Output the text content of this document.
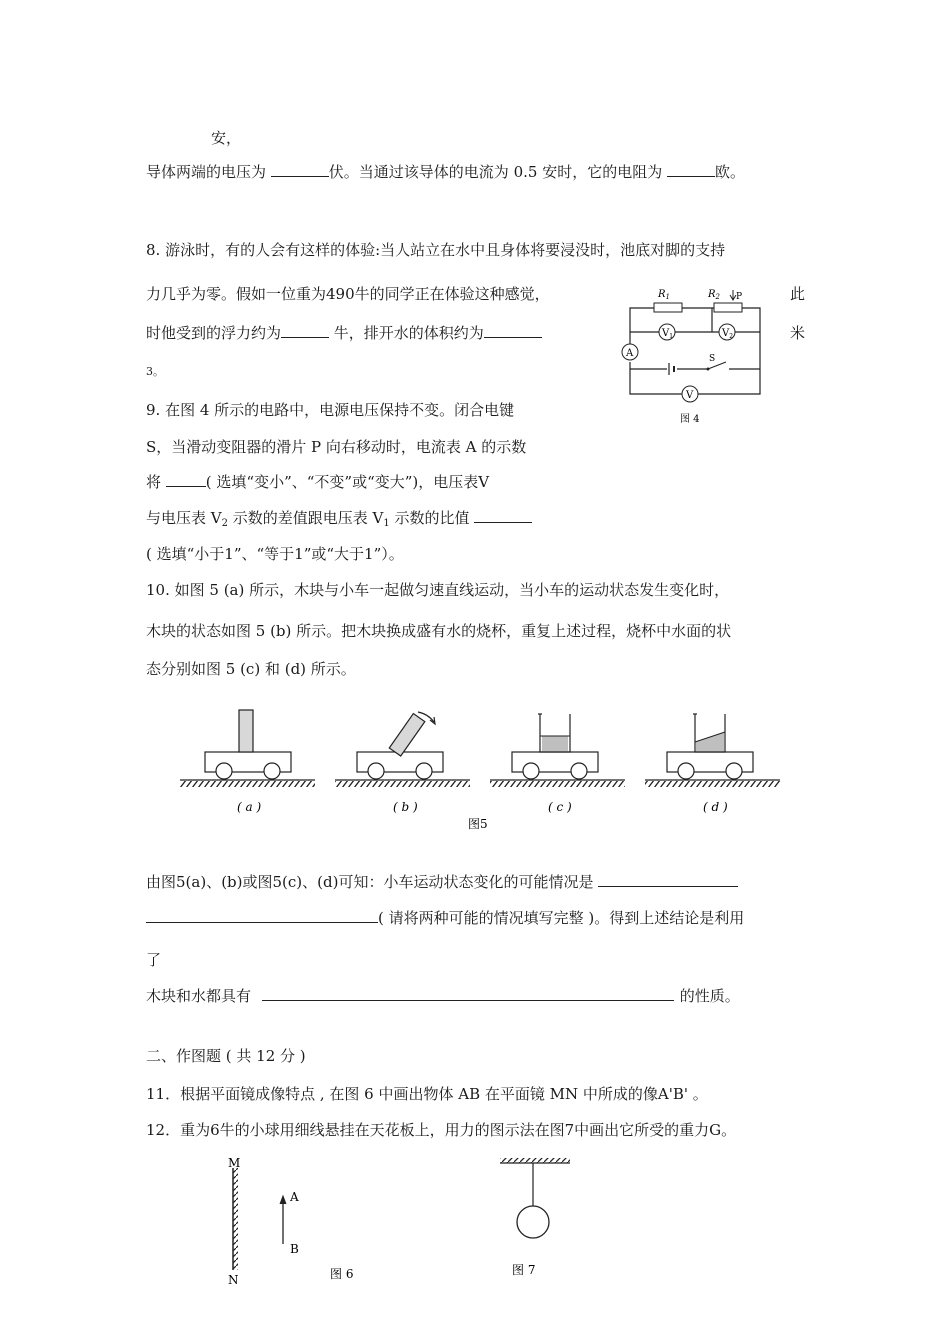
安，
导体两端的电压为	伏。当通过该导体的电流为 0.5 安时，它的电阻为	欧。
8. 游泳时，有的人会有这样的体验:当人站立在水中且身体将要浸没时，池底对脚的支持
力几乎为零。假如一位重为490牛的同学正在体验这种感觉，	此
时他受到的浮力约为	牛，排开水的体积约为	米
3。
$R_1$	$R_2$ P
$V_1$	$V_2$
A	S
V
图 4
9. 在图 4 所示的电路中，电源电压保持不变。闭合电键
S，当滑动变阻器的滑片 P 向右移动时，电流表 A 的示数
将	( 选填“变小”、“不变”或“变大”)，电压表V
与电压表 $V_2$ 示数的差值跟电压表 $V_1$ 示数的比值
( 选填“小于1”、“等于1”或“大于1”）。
10. 如图 5 (a) 所示，木块与小车一起做匀速直线运动，当小车的运动状态发生变化时，
木块的状态如图 5 (b) 所示。把木块换成盛有水的烧杯，重复上述过程，烧杯中水面的状
态分别如图 5 (c) 和 (d) 所示。
( a )	( b )	( c )	( d )
图5
由图5(a)、(b)或图5(c)、(d)可知：小车运动状态变化的可能情况是
( 请将两种可能的情况填写完整 )。得到上述结论是利用
了
木块和水都具有	的性质。
二、作图题 ( 共 12 分 )
11．根据平面镜成像特点 , 在图 6 中画出物体 AB 在平面镜 MN 中所成的像A'B' 。
12．重为6牛的小球用细线悬挂在天花板上，用力的图示法在图7中画出它所受的重力G。
M
N
A
B
图 6	图 7
